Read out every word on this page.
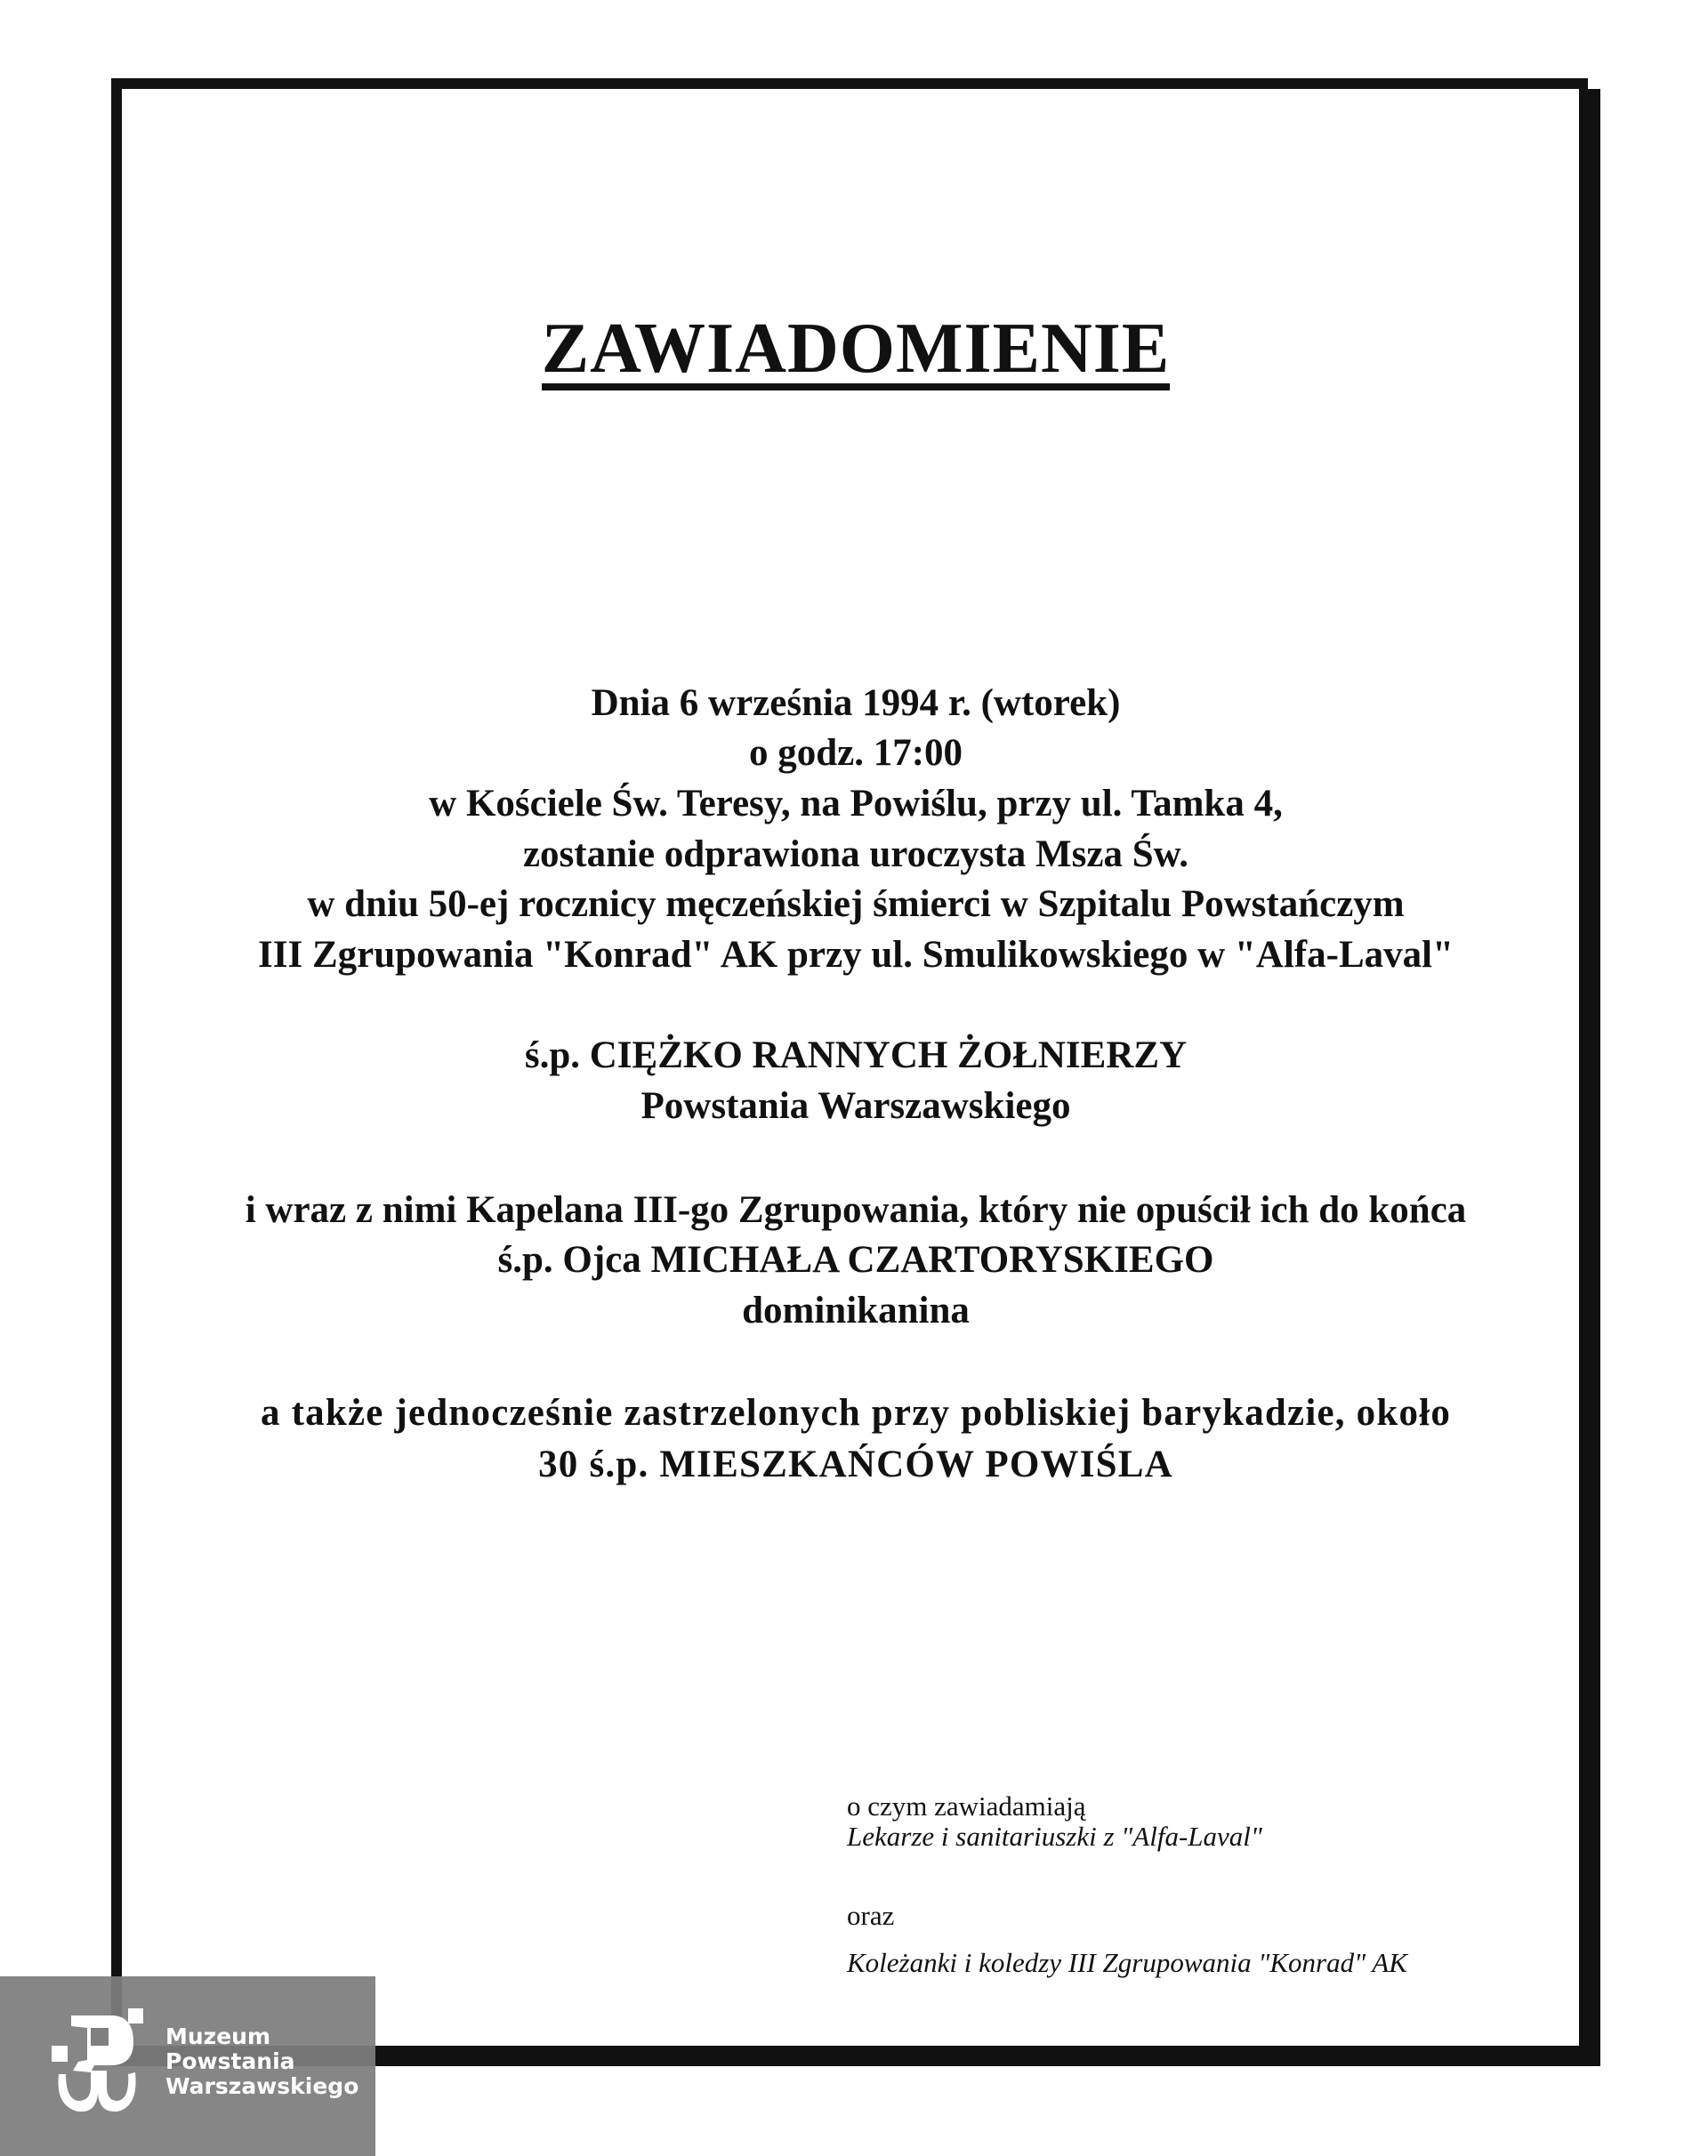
ZAWIADOMIENIE
Dnia 6 września 1994 r. (wtorek)
o godz. 17:00
w Kościele Św. Teresy, na Powiślu, przy ul. Tamka 4,
zostanie odprawiona uroczysta Msza Św.
w dniu 50-ej rocznicy męczeńskiej śmierci w Szpitalu Powstańczym
III Zgrupowania "Konrad" AK przy ul. Smulikowskiego w "Alfa-Laval"
ś.p. CIĘŻKO RANNYCH ŻOŁNIERZY
Powstania Warszawskiego
i wraz z nimi Kapelana III-go Zgrupowania, który nie opuścił ich do końca
ś.p. Ojca MICHAŁA CZARTORYSKIEGO
dominikanina
a także jednocześnie zastrzelonych przy pobliskiej barykadzie, około
30 ś.p. MIESZKAŃCÓW POWIŚLA
o czym zawiadamiają
Lekarze i sanitariuszki z "Alfa-Laval"
oraz
Koleżanki i koledzy III Zgrupowania "Konrad" AK
Muzeum
Powstania
Warszawskiego
